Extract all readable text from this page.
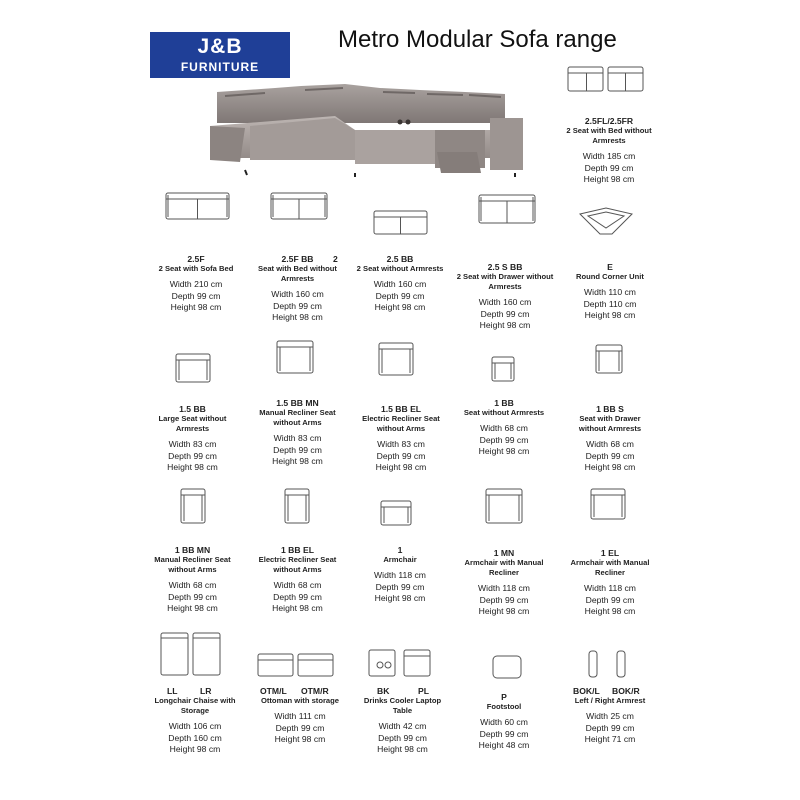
J&B
FURNITURE
Metro Modular Sofa range
2.5FL/2.5FR
2 Seat with Bed without Armrests
Width 185 cm
Depth 99 cm
Height 98 cm
2.5F
2 Seat with Sofa Bed
Width 210 cm
Depth 99 cm
Height 98 cm
2.5F BB
Seat with Bed without Armrests
Width 160 cm
Depth 99 cm
Height 98 cm
2	2.5 BB
2 Seat without Armrests
Width 160 cm
Depth 99 cm
Height 98 cm
2.5 S BB
2 Seat with Drawer without Armrests
Width 160 cm
Depth 99 cm
Height 98 cm
E
Round Corner Unit
Width 110 cm
Depth 110 cm
Height 98 cm
1.5 BB
Large Seat without Armrests
Width 83 cm
Depth 99 cm
Height 98 cm
1.5 BB MN
Manual Recliner Seat without Arms
Width 83 cm
Depth 99 cm
Height 98 cm
1.5 BB EL
Electric Recliner Seat without Arms
Width 83 cm
Depth 99 cm
Height 98 cm
1 BB
Seat without Armrests
Width 68 cm
Depth 99 cm
Height 98 cm
1 BB S
Seat with Drawer without Armrests
Width 68 cm
Depth 99 cm
Height 98 cm
1 BB MN
Manual Recliner Seat without Arms
Width 68 cm
Depth 99 cm
Height 98 cm
1 BB EL
Electric Recliner Seat without Arms
Width 68 cm
Depth 99 cm
Height 98 cm
1
Armchair
Width 118 cm
Depth 99 cm
Height 98 cm
1 MN
Armchair with Manual Recliner
Width 118 cm
Depth 99 cm
Height 98 cm
1 EL
Armchair with Manual Recliner
Width 118 cm
Depth 99 cm
Height 98 cm
LL
Longchair Chaise with Storage
Width 106 cm
Depth 160 cm
Height 98 cm
LR	OTM/L
Ottoman with storage
Width 111 cm
Depth 99 cm
Height 98 cm
OTM/R	BK
Drinks Cooler Laptop Table
Width 42 cm
Depth 99 cm
Height 98 cm
PL
P
Footstool
Width 60 cm
Depth 99 cm
Height 48 cm
BOK/L
Left / Right Armrest
Width 25 cm
Depth 99 cm
Height 71 cm
BOK/R
